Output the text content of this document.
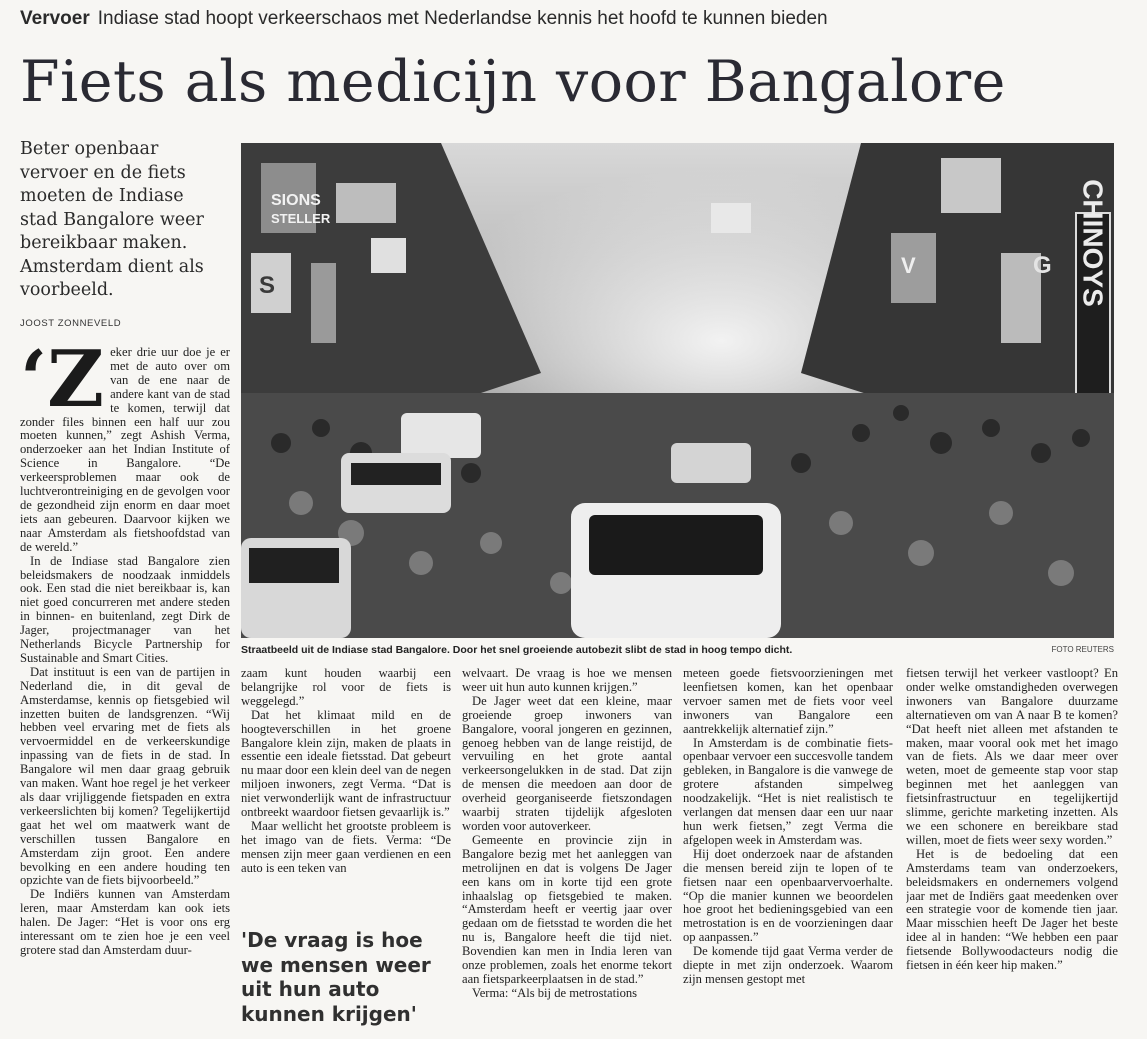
Vervoer Indiase stad hoopt verkeerschaos met Nederlandse kennis het hoofd te kunnen bieden
Fiets als medicijn voor Bangalore
Beter openbaar vervoer en de fiets moeten de Indiase stad Bangalore weer bereikbaar maken. Amsterdam dient als voorbeeld.
JOOST ZONNEVELD
SIONS
STELLER	CHINOYS
G
V
S
Straatbeeld uit de Indiase stad Bangalore. Door het snel groeiende autobezit slibt de stad in hoog tempo dicht.	FOTO REUTERS
‘Z eker drie uur doe je er met de auto over om van de ene naar de andere kant van de stad te komen, terwijl dat zonder files binnen een half uur zou moeten kunnen,” zegt Ashish Verma, onderzoeker aan het Indian Institute of Science in Bangalore. “De verkeersproblemen maar ook de luchtverontreiniging en de gevolgen voor de gezondheid zijn enorm en daar moet iets aan gebeuren. Daarvoor kijken we naar Amsterdam als fietshoofdstad van de wereld.”

In de Indiase stad Bangalore zien beleidsmakers de noodzaak inmiddels ook. Een stad die niet bereikbaar is, kan niet goed concurreren met andere steden in binnen- en buitenland, zegt Dirk de Jager, projectmanager van het Netherlands Bicycle Partnership for Sustainable and Smart Cities.

Dat instituut is een van de partijen in Nederland die, in dit geval de Amsterdamse, kennis op fietsgebied wil inzetten buiten de landsgrenzen. “Wij hebben veel ervaring met de fiets als vervoermiddel en de verkeerskundige inpassing van de fiets in de stad. In Bangalore wil men daar graag gebruik van maken. Want hoe regel je het verkeer als daar vrijliggende fietspaden en extra verkeerslichten bij komen? Tegelijkertijd gaat het wel om maatwerk want de verschillen tussen Bangalore en Amsterdam zijn groot. Een andere bevolking en een andere houding ten opzichte van de fiets bijvoorbeeld.”

De Indiërs kunnen van Amsterdam leren, maar Amsterdam kan ook iets halen. De Jager: “Het is voor ons erg interessant om te zien hoe je een veel grotere stad dan Amsterdam duur-

zaam kunt houden waarbij een belangrijke rol voor de fiets is weggelegd.”

Dat het klimaat mild en de hoogteverschillen in het groene Bangalore klein zijn, maken de plaats in essentie een ideale fietsstad. Dat gebeurt nu maar door een klein deel van de negen miljoen inwoners, zegt Verma. “Dat is niet verwonderlijk want de infrastructuur ontbreekt waardoor fietsen gevaarlijk is.”

Maar wellicht het grootste probleem is het imago van de fiets. Verma: “De mensen zijn meer gaan verdienen en een auto is een teken van

'De vraag is hoe we mensen weer uit hun auto kunnen krijgen'

welvaart. De vraag is hoe we mensen weer uit hun auto kunnen krijgen.”

De Jager weet dat een kleine, maar groeiende groep inwoners van Bangalore, vooral jongeren en gezinnen, genoeg hebben van de lange reistijd, de vervuiling en het grote aantal verkeersongelukken in de stad. Dat zijn de mensen die meedoen aan door de overheid georganiseerde fietszondagen waarbij straten tijdelijk afgesloten worden voor autoverkeer.

Gemeente en provincie zijn in Bangalore bezig met het aanleggen van metrolijnen en dat is volgens De Jager een kans om in korte tijd een grote inhaalslag op fietsgebied te maken. “Amsterdam heeft er veertig jaar over gedaan om de fietsstad te worden die het nu is, Bangalore heeft die tijd niet. Bovendien kan men in India leren van onze problemen, zoals het enorme tekort aan fietsparkeerplaatsen in de stad.”

Verma: “Als bij de metrostations

meteen goede fietsvoorzieningen met leenfietsen komen, kan het openbaar vervoer samen met de fiets voor veel inwoners van Bangalore een aantrekkelijk alternatief zijn.”

In Amsterdam is de combinatie fiets-openbaar vervoer een succesvolle tandem gebleken, in Bangalore is die vanwege de grotere afstanden simpelweg noodzakelijk. “Het is niet realistisch te verlangen dat mensen daar een uur naar hun werk fietsen,” zegt Verma die afgelopen week in Amsterdam was.

Hij doet onderzoek naar de afstanden die mensen bereid zijn te lopen of te fietsen naar een openbaarvervoerhalte. “Op die manier kunnen we beoordelen hoe groot het bedieningsgebied van een metrostation is en de voorzieningen daar op aanpassen.”

De komende tijd gaat Verma verder de diepte in met zijn onderzoek. Waarom zijn mensen gestopt met

fietsen terwijl het verkeer vastloopt? En onder welke omstandigheden overwegen inwoners van Bangalore duurzame alternatieven om van A naar B te komen? “Dat heeft niet alleen met afstanden te maken, maar vooral ook met het imago van de fiets. Als we daar meer over weten, moet de gemeente stap voor stap beginnen met het aanleggen van fietsinfrastructuur en tegelijkertijd slimme, gerichte marketing inzetten. Als we een schonere en bereikbare stad willen, moet de fiets weer sexy worden.”

Het is de bedoeling dat een Amsterdams team van onderzoekers, beleidsmakers en ondernemers volgend jaar met de Indiërs gaat meedenken over een strategie voor de komende tien jaar. Maar misschien heeft De Jager het beste idee al in handen: “We hebben een paar fietsende Bollywoodacteurs nodig die fietsen in één keer hip maken.”
